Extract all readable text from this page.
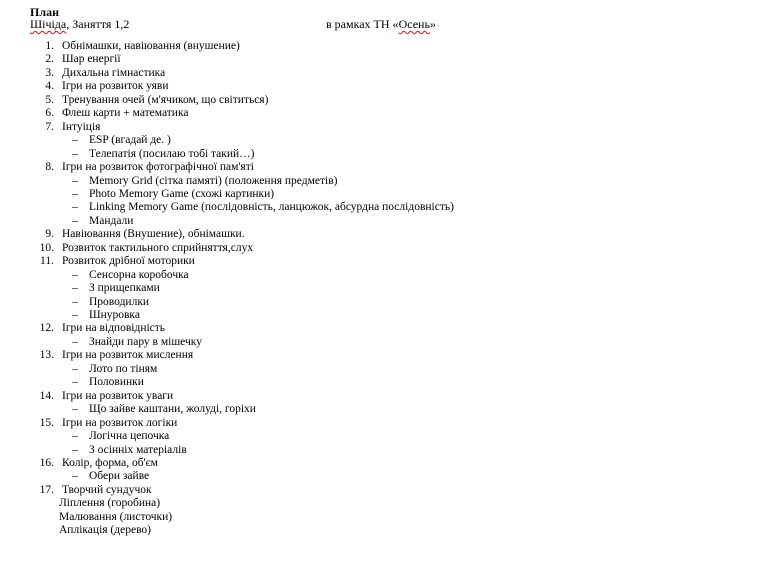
План
Шічіда, Заняття 1,2	в рамках ТН «Осень»
1. Обнімашки, навіювання (внушение)
2. Шар енергії
3. Дихальна гімнастика
4. Ігри на розвиток уяви
5. Тренування очей (м'ячиком, що світиться)
6. Флеш карти + математика
7. Інтуіція
– ESP (вгадай де. )
– Телепатія (посилаю тобі такий…)
8. Ігри на розвиток фотографічної пам'яті
– Memory Grid (сітка памяті) (положення предметів)
– Photo Memory Game (схожі картинки)
– Linking Memory Game (послідовність, ланцюжок, абсурдна послідовність)
– Мандали
9. Навіювання (Внушение), обнімашки.
10. Розвиток тактильного сприйняття,слух
11. Розвиток дрібної моторики
– Сенсорна коробочка
– З прищепками
– Проводилки
– Шнуровка
12. Ігри на відповідність
– Знайди пару в мішечку
13. Ігри на розвиток мислення
– Лото по тіням
– Половинки
14. Ігри на розвиток уваги
– Що зайве каштани, жолуді, горіхи
15. Ігри на розвиток логіки
– Логічна цепочка
– З осінніх матеріалів
16. Колір, форма, об'єм
– Обери зайве
17. Творчий сундучок
Ліплення (горобина)
Малювання (листочки)
Аплікація (дерево)
